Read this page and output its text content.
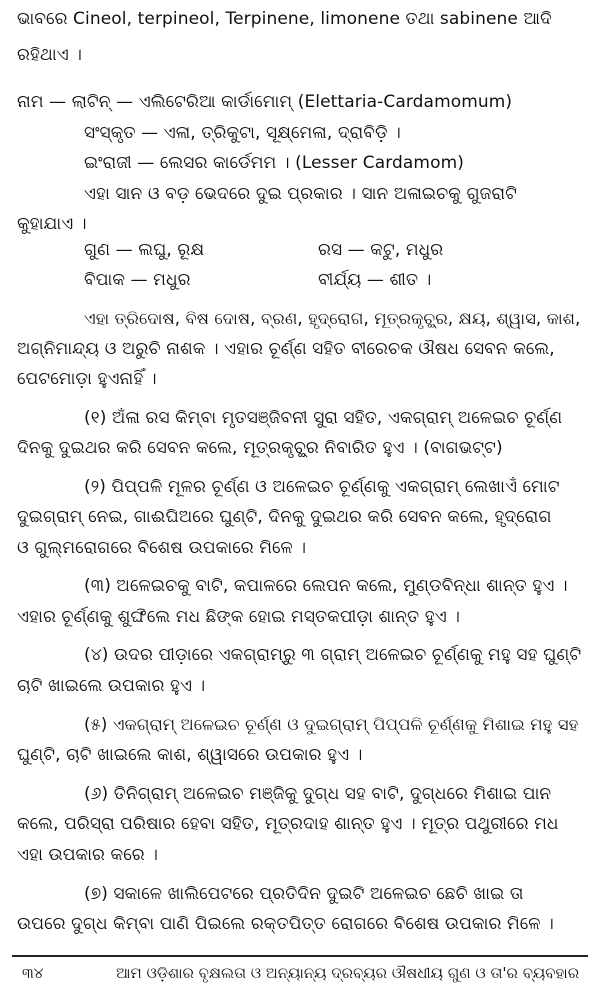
ଭାବରେ Cineol, terpineol, Terpinene, limonene ତଥା sabinene ଆଦି
ରହିଥାଏ ।
ନାମ — ଲାଟିନ୍ — ଏଲିଟେରିଆ କାର୍ଡାମୋମ୍ (Elettaria-Cardamomum)
ସଂସ୍କୃତ — ଏଳା, ତ୍ରିକୁଟା, ସୂକ୍ଷ୍ମେଳା, ଦ୍ରାବିଡ଼ି ।
ଇଂରାଜୀ — ଲେସର କାର୍ଡେମମ । (Lesser Cardamom)
ଏହା ସାନ ଓ ବଡ଼ ଭେଦରେ ଦୁଇ ପ୍ରକାର । ସାନ ଅଳାଇଚକୁ ଗୁଜରାଟି
କୁହାଯାଏ ।
ଗୁଣ — ଲଘୁ, ରୂକ୍ଷ	ରସ — କଟୁ, ମଧୁର
ବିପାକ — ମଧୁର	ବୀର୍ଯ୍ୟ — ଶୀତ ।
ଏହା ତ୍ରିଦୋଷ, ବିଷ ଦୋଷ, ବ୍ରଣ, ହୃଦ୍‌ରୋଗ, ମୂତ୍ରକୃଚ୍ଛ୍ର, କ୍ଷୟ, ଶ୍ୱାସ, କାଶ,
ଅଗ୍ନିମାନ୍ଦ୍ୟ ଓ ଅରୁଚି ନାଶକ । ଏହାର ଚୂର୍ଣ୍ଣ ସହିତ ବୀରେଚକ ଔଷଧ ସେବନ କଲେ,
ପେଟମୋଡ଼ା ହୁଏନାହିଁ ।
(୧) ଅଁଳା ରସ କିମ୍ବା ମୃତସଞ୍ଜିବନୀ ସୁରା ସହିତ, ଏକଗ୍ରାମ୍ ଅଳେଇଚ ଚୂର୍ଣ୍ଣ
ଦିନକୁ ଦୁଇଥର କରି ସେବନ କଲେ, ମୂତ୍ରକୃଚ୍ଛ୍ର ନିବାରିତ ହୁଏ । (ବାଗଭଟ୍ଟ)
(୨) ପିପ୍ପଳି ମୂଳର ଚୂର୍ଣ୍ଣ ଓ ଅଳେଇଚ ଚୂର୍ଣ୍ଣକୁ ଏକଗ୍ରାମ୍ ଲେଖାଏଁ ମୋଟ
ଦୁଇଗ୍ରାମ୍ ନେଇ, ଗାଈଘିଅରେ ଘୁଣ୍ଟି, ଦିନକୁ ଦୁଇଥର କରି ସେବନ କଲେ, ହୃଦ୍‌ରୋଗ
ଓ ଗୁଲ୍ମରୋଗରେ ବିଶେଷ ଉପକାରେ ମିଳେ ।
(୩) ଅଳେଇଚକୁ ବାଟି, କପାଳରେ ଲେପନ କଲେ, ମୁଣ୍ଡବିନ୍ଧା ଶାନ୍ତ ହୁଏ ।
ଏହାର ଚୂର୍ଣ୍ଣକୁ ଶୁଙ୍ଘିଲେ ମଧ ଛିଙ୍କ ହୋଇ ମସ୍ତକପୀଡ଼ା ଶାନ୍ତ ହୁଏ ।
(୪) ଉଦର ପୀଡ଼ାରେ ଏକଗ୍ରାମ୍‌ରୁ ୩ ଗ୍ରାମ୍ ଅଳେଇଚ ଚୂର୍ଣ୍ଣକୁ ମହୁ ସହ ଘୁଣ୍ଟି
ଚାଟି ଖାଇଲେ ଉପକାର ହୁଏ ।
(୫) ଏକଗ୍ରାମ୍ ଅଳେଇଚ ଚୂର୍ଣ୍ଣ ଓ ଦୁଇଗ୍ରାମ୍ ପିପ୍ପଳି ଚୂର୍ଣ୍ଣକୁ ମିଶାଇ ମହୁ ସହ
ଘୁଣ୍ଟି, ଚାଟି ଖାଇଲେ କାଶ, ଶ୍ୱାସରେ ଉପକାର ହୁଏ ।
(୬) ତିନିଗ୍ରାମ୍ ଅଳେଇଚ ମଞ୍ଜିକୁ ଦୁଗ୍ଧ ସହ ବାଟି, ଦୁଗ୍ଧରେ ମିଶାଇ ପାନ
କଲେ, ପରିସ୍ରା ପରିଷାର ହେବା ସହିତ, ମୂତ୍ରଦାହ ଶାନ୍ତ ହୁଏ । ମୂତ୍ର ପଥୁରୀରେ ମଧ
ଏହା ଉପକାର କରେ ।
(୭) ସକାଳେ ଖାଲିପେଟରେ ପ୍ରତିଦିନ ଦୁଇଟି ଅଳେଇଚ ଛେଚି ଖାଇ ତା
ଉପରେ ଦୁଗ୍ଧ କିମ୍ବା ପାଣି ପିଇଲେ ରକ୍ତପିତ୍ତ ରୋଗରେ ବିଶେଷ ଉପକାର ମିଳେ ।
୩୪	ଆମ ଓଡ଼ିଶାର ବୃକ୍ଷଲତା ଓ ଅନ୍ୟାନ୍ୟ ଦ୍ରବ୍ୟର ଔଷଧୀୟ ଗୁଣ ଓ ତା'ର ବ୍ୟବହାର
